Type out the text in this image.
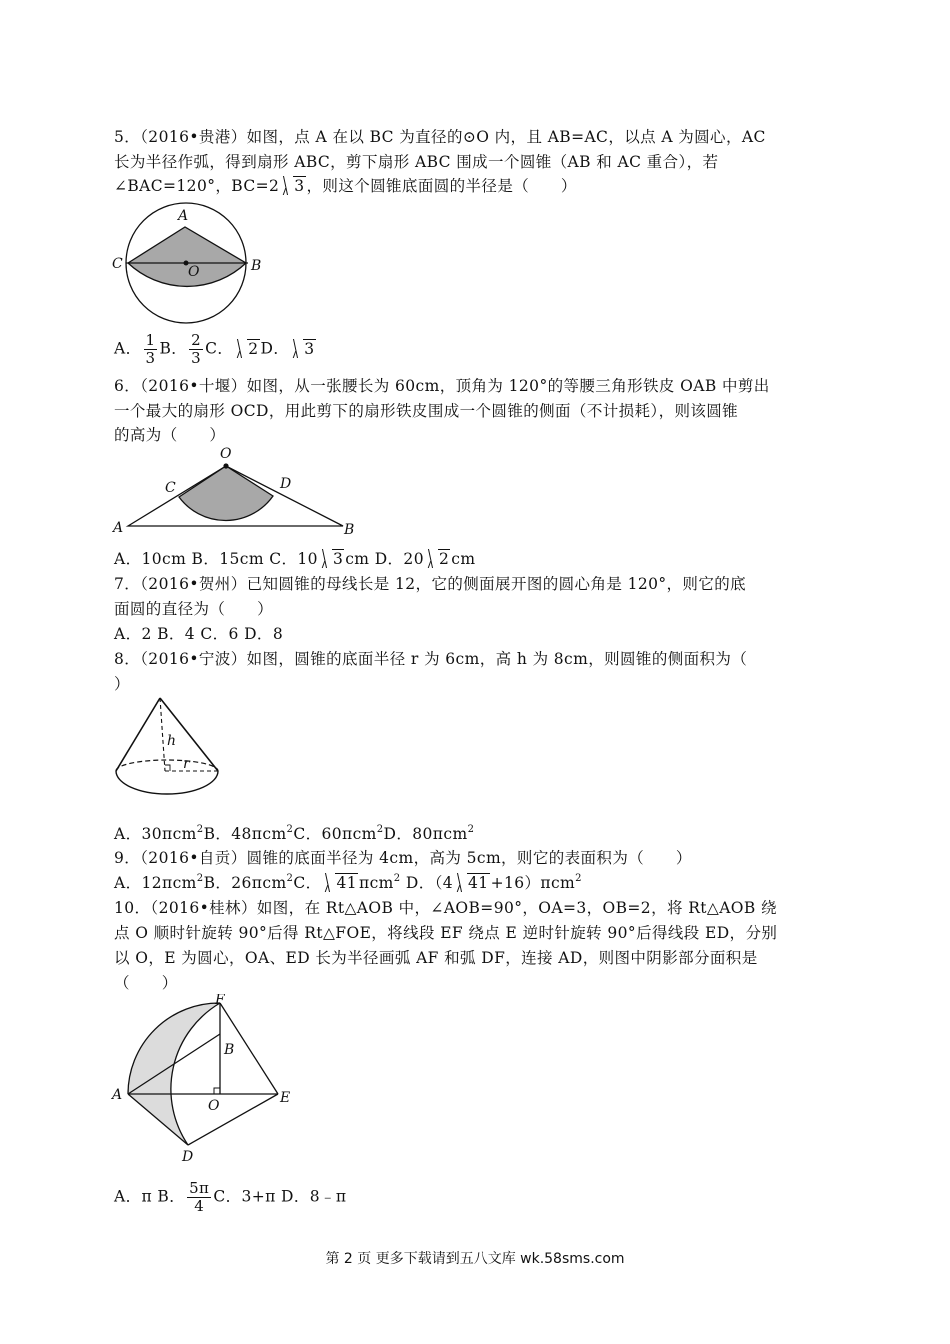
5．（2016•贵港）如图，点 A 在以 BC 为直径的⊙O 内，且 AB=AC，以点 A 为圆心，AC
长为半径作弧，得到扇形 ABC，剪下扇形 ABC 围成一个圆锥（AB 和 AC 重合），若
∠BAC=120°，BC=2 3 ，则这个圆锥底面圆的半径是（　　）
A
C	B
O
A． $\frac{1}{3}$ B． $\frac{2}{3}$ C． 2 D． 3
6．（2016•十堰）如图，从一张腰长为 60cm，顶角为 120°的等腰三角形铁皮 OAB 中剪出
一个最大的扇形 OCD，用此剪下的扇形铁皮围成一个圆锥的侧面（不计损耗），则该圆锥
的高为（　　）
O
C	D
A	B
A．10cm B．15cm C．10 3 cm D．20 2 cm
7．（2016•贺州）已知圆锥的母线长是 12，它的侧面展开图的圆心角是 120°，则它的底
面圆的直径为（　　）
A．2 B．4 C．6 D．8
8．（2016•宁波）如图，圆锥的底面半径 r 为 6cm，高 h 为 8cm，则圆锥的侧面积为（
）
h
r
A．30πcm$^2$B．48πcm$^2$C．60πcm$^2$D．80πcm$^2$
9．（2016•自贡）圆锥的底面半径为 4cm，高为 5cm，则它的表面积为（　　）
A．12πcm$^2$B．26πcm$^2$C． 41 πcm$^2$ D．（4 41 +16）πcm$^2$
10．（2016•桂林）如图，在 Rt△AOB 中，∠AOB=90°，OA=3，OB=2，将 Rt△AOB 绕
点 O 顺时针旋转 90°后得 Rt△FOE，将线段 EF 绕点 E 逆时针旋转 90°后得线段 ED，分别
以 O，E 为圆心，OA、ED 长为半径画弧 AF 和弧 DF，连接 AD，则图中阴影部分面积是
（　　）
F
B
A
O	E
D
A．π B． $\frac{5\pi}{4}$ C．3+π D．8﹣π
第 2 页 更多下载请到五八文库 wk.58sms.com
